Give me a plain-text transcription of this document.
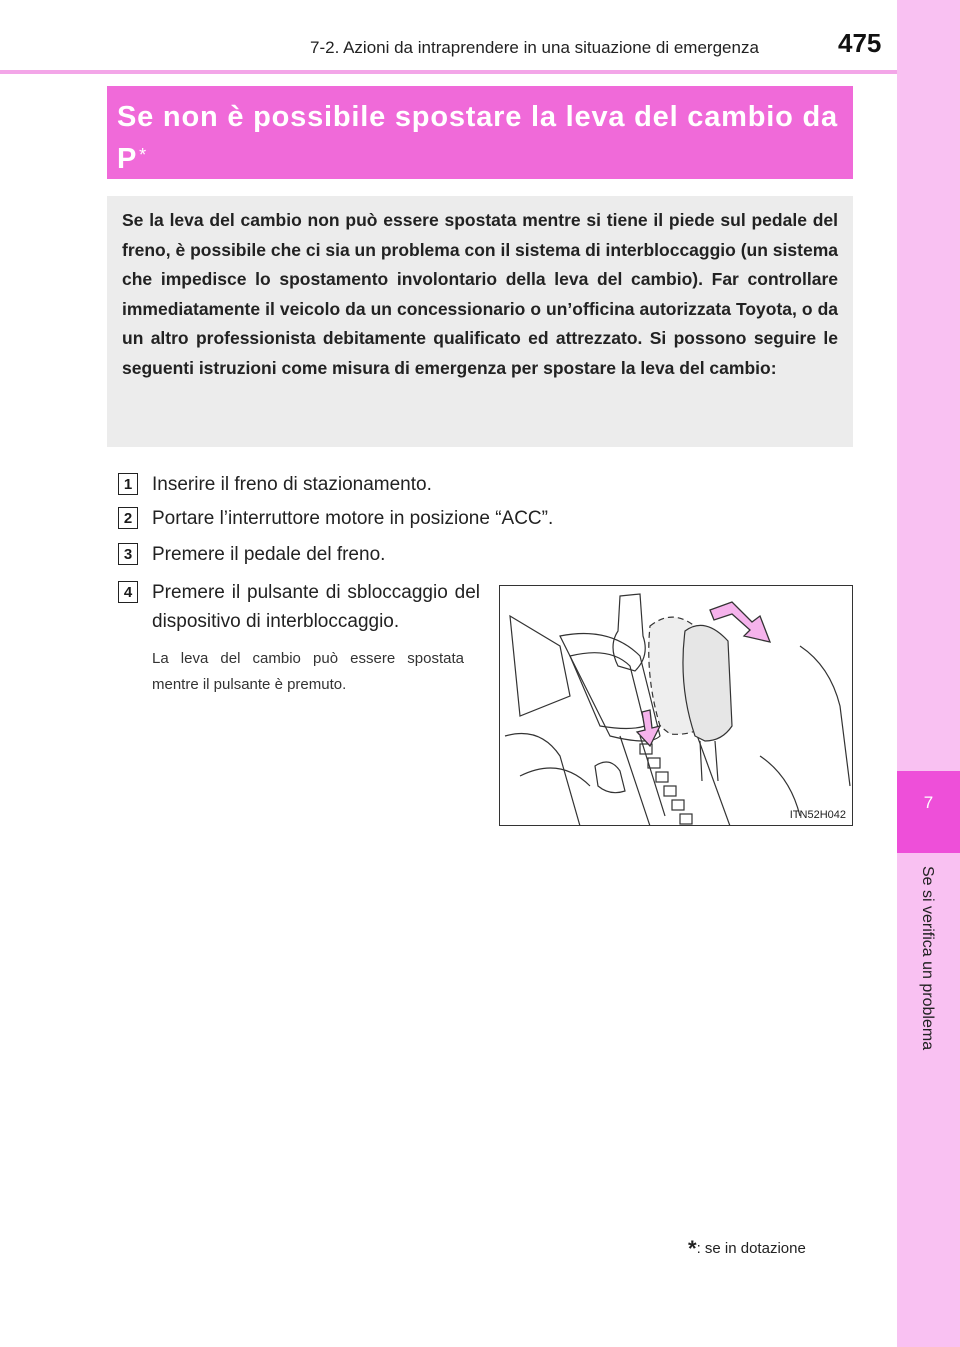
7-2. Azioni da intraprendere in una situazione di emergenza	475
7
Se si verifica un problema
Se non è possibile spostare la leva del cambio da P *
Se la leva del cambio non può essere spostata mentre si tiene il piede sul pedale del freno, è possibile che ci sia un problema con il sistema di interbloccaggio (un sistema che impedisce lo spostamento involontario della leva del cambio). Far controllare immediatamente il veicolo da un concessionario o un’officina autorizzata Toyota, o da un altro professionista debitamente qualificato ed attrezzato. Si possono seguire le seguenti istruzioni come misura di emergenza per spostare la leva del cambio:
1	Inserire il freno di stazionamento.
2	Portare l’interruttore motore in posizione “ACC”.
3	Premere il pedale del freno.
4	Premere il pulsante di sbloccaggio del dispositivo di interbloccaggio.
La leva del cambio può essere spostata mentre il pulsante è premuto.
ITN52H042
*: se in dotazione
